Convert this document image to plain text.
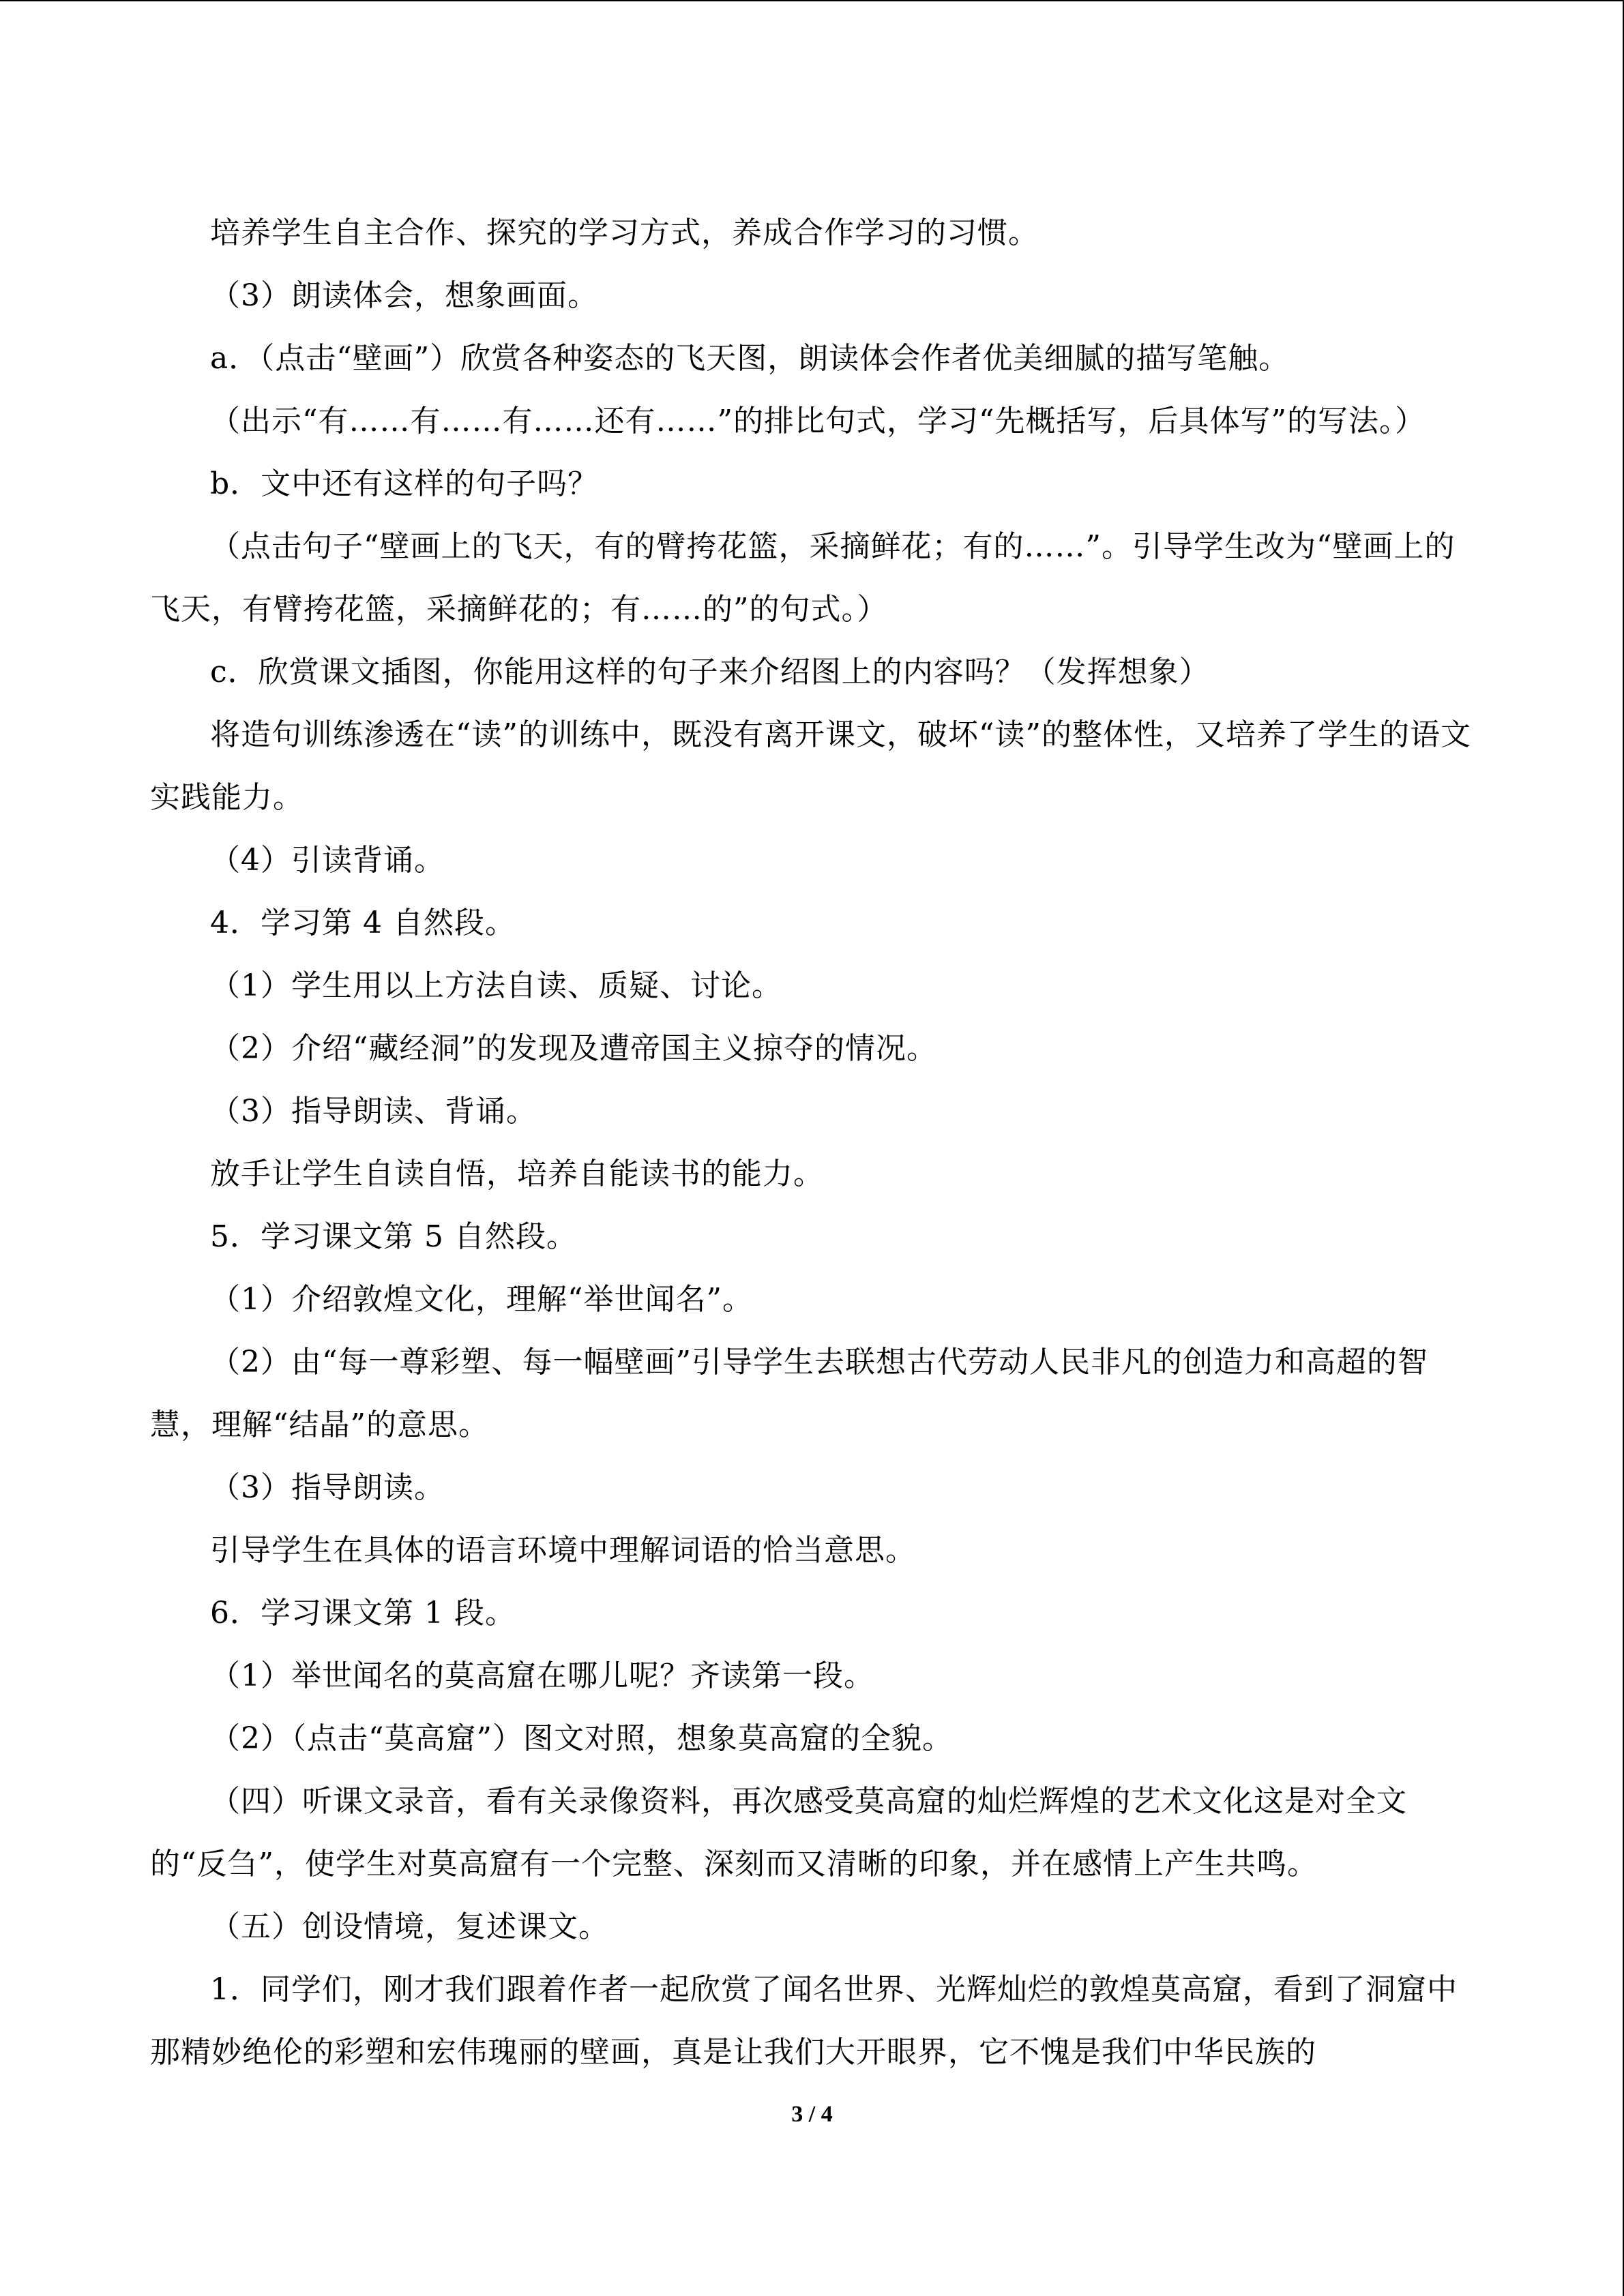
培养学生自主合作、探究的学习方式，养成合作学习的习惯。

（3）朗读体会，想象画面。

a．（点击“壁画”）欣赏各种姿态的飞天图，朗读体会作者优美细腻的描写笔触。

（出示“有……有……有……还有……”的排比句式，学习“先概括写，后具体写”的写法。）

b．文中还有这样的句子吗？

（点击句子“壁画上的飞天，有的臂挎花篮，采摘鲜花；有的……”。引导学生改为“壁画上的飞天，有臂挎花篮，采摘鲜花的；有……的”的句式。）

c．欣赏课文插图，你能用这样的句子来介绍图上的内容吗？（发挥想象）

将造句训练渗透在“读”的训练中，既没有离开课文，破坏“读”的整体性，又培养了学生的语文实践能力。

（4）引读背诵。

4．学习第 4 自然段。

（1）学生用以上方法自读、质疑、讨论。

（2）介绍“藏经洞”的发现及遭帝国主义掠夺的情况。

（3）指导朗读、背诵。

放手让学生自读自悟，培养自能读书的能力。

5．学习课文第 5 自然段。

（1）介绍敦煌文化，理解“举世闻名”。

（2）由“每一尊彩塑、每一幅壁画”引导学生去联想古代劳动人民非凡的创造力和高超的智慧，理解“结晶”的意思。

（3）指导朗读。

引导学生在具体的语言环境中理解词语的恰当意思。

6．学习课文第 1 段。

（1）举世闻名的莫高窟在哪儿呢？齐读第一段。

（2）（点击“莫高窟”）图文对照，想象莫高窟的全貌。

（四）听课文录音，看有关录像资料，再次感受莫高窟的灿烂辉煌的艺术文化这是对全文的“反刍”，使学生对莫高窟有一个完整、深刻而又清晰的印象，并在感情上产生共鸣。

（五）创设情境，复述课文。

1．同学们，刚才我们跟着作者一起欣赏了闻名世界、光辉灿烂的敦煌莫高窟，看到了洞窟中那精妙绝伦的彩塑和宏伟瑰丽的壁画，真是让我们大开眼界，它不愧是我们中华民族的

3 / 4
